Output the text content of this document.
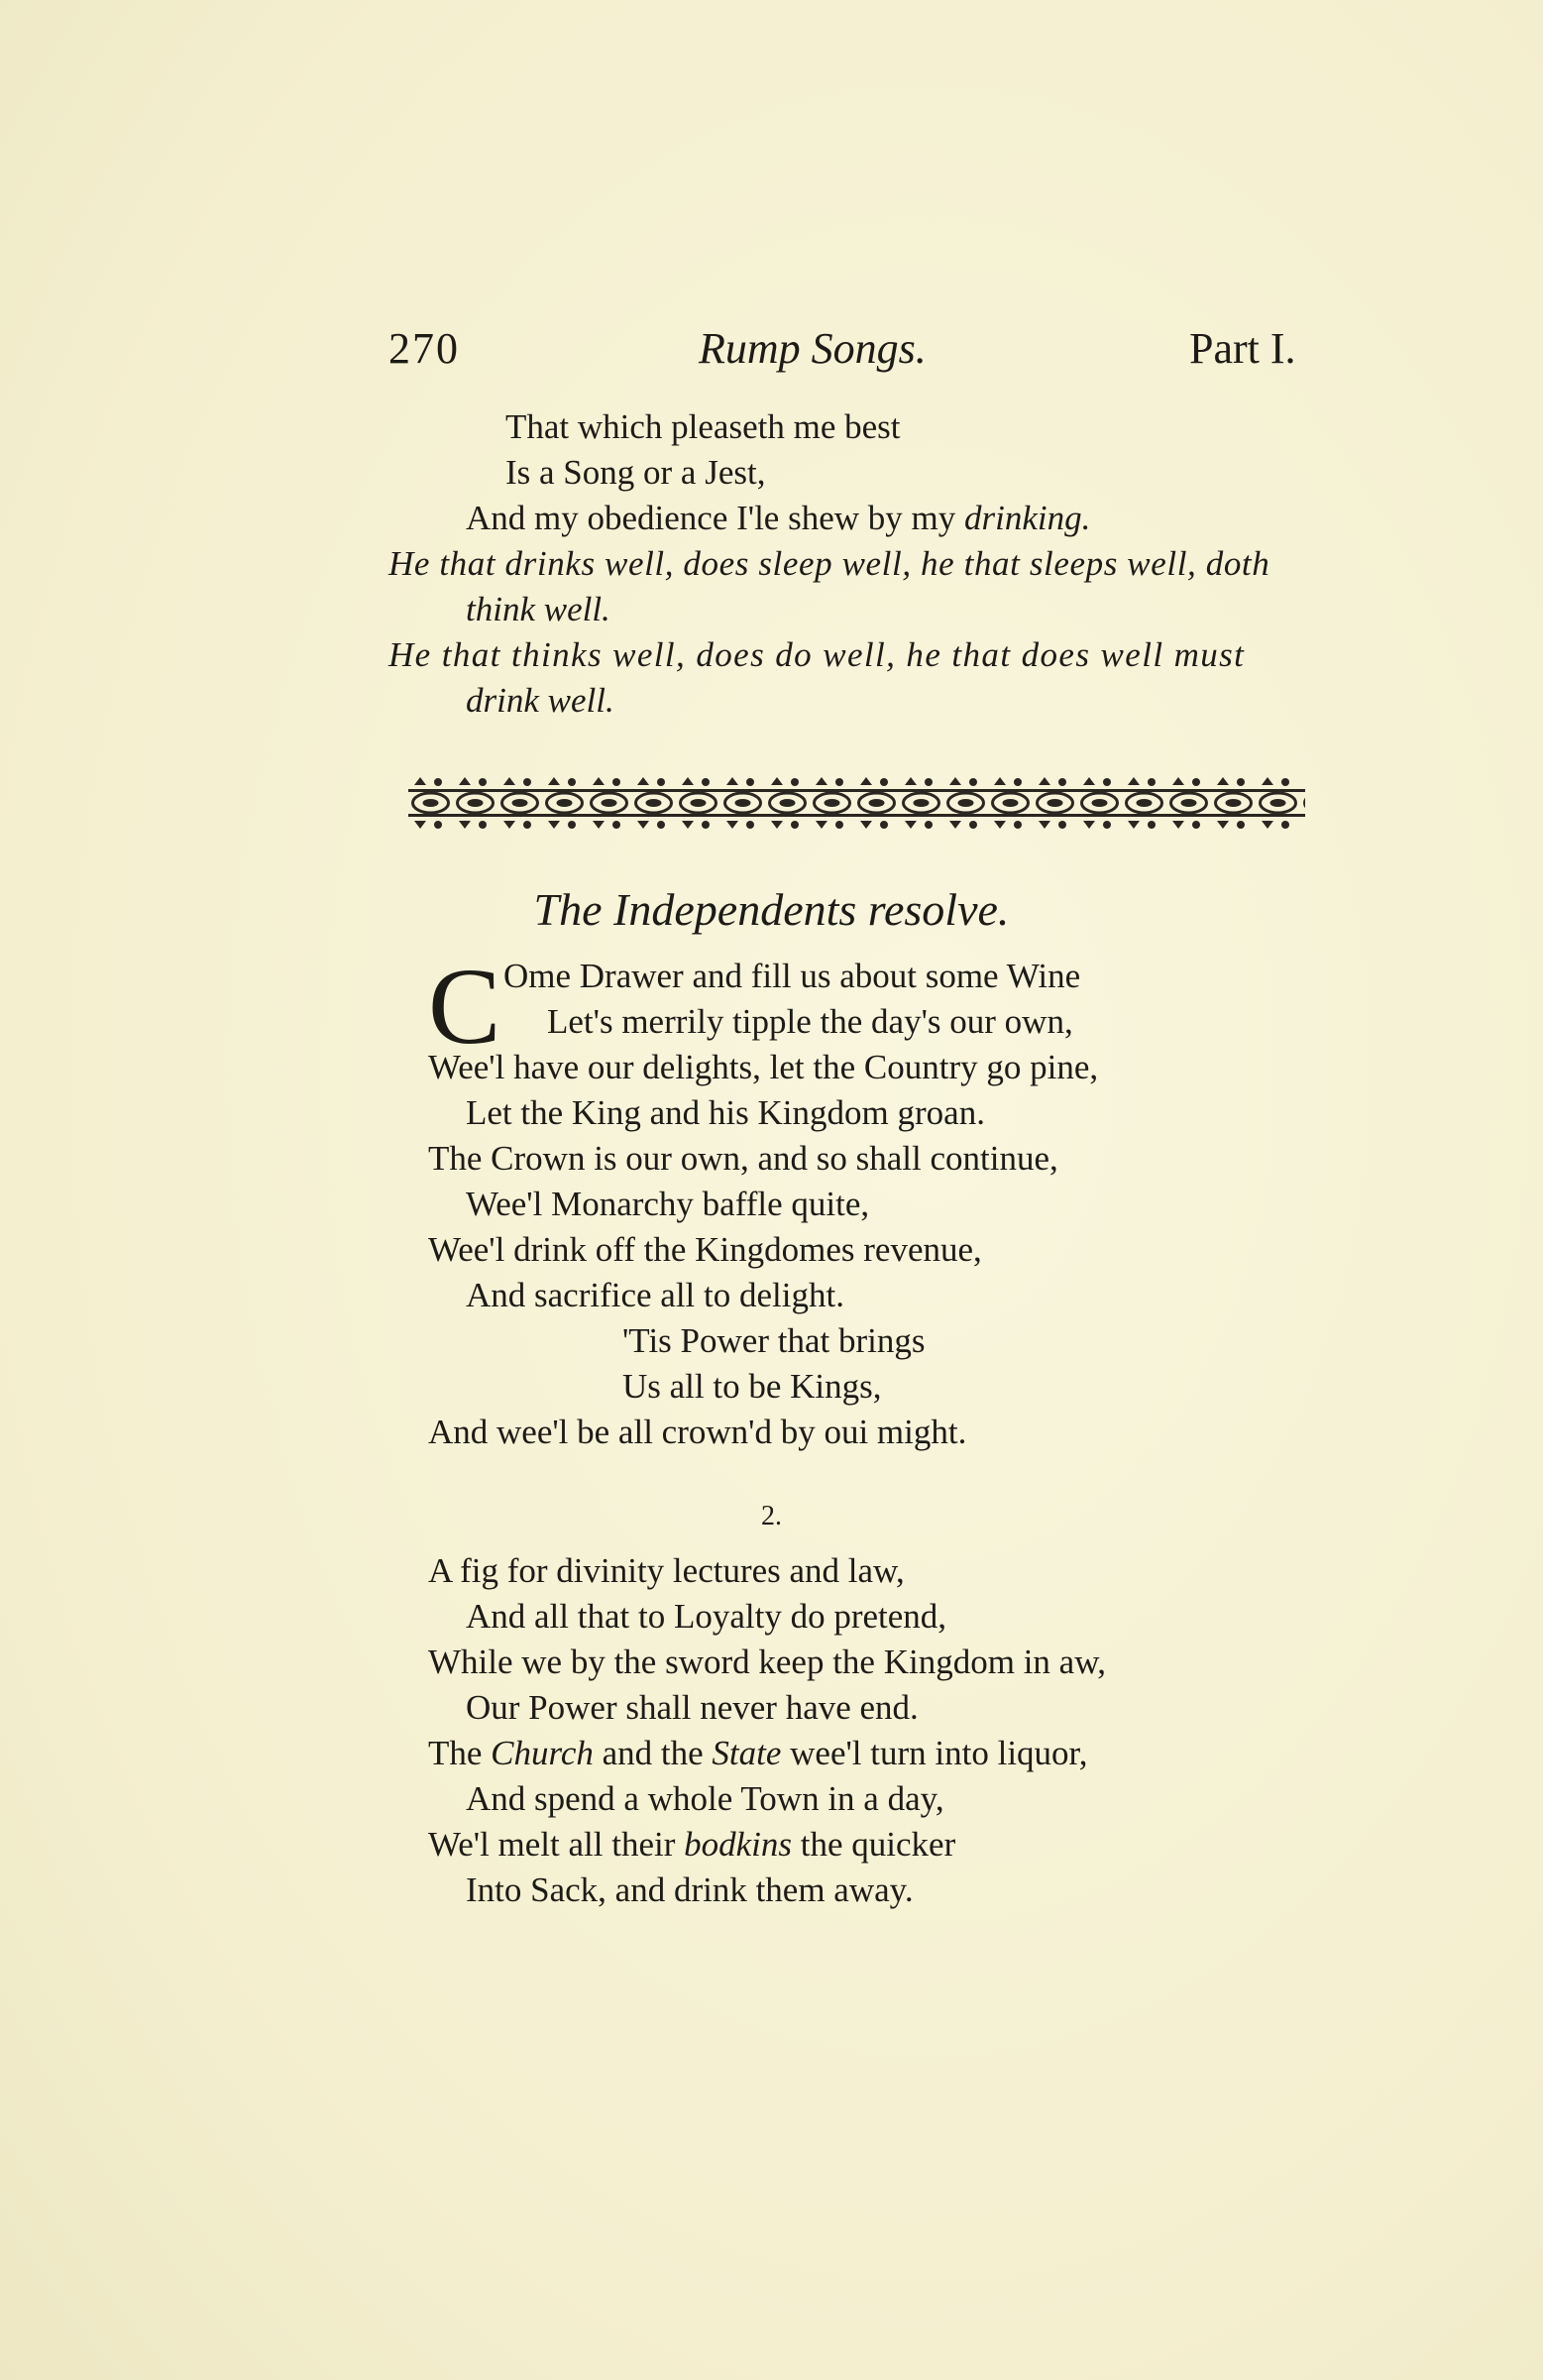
270	Rump Songs.	Part I.
That which pleaseth me best
Is a Song or a Jest,
And my obedience I'le shew by my drinking.
He that drinks well, does sleep well, he that sleeps well, doth
think well.
He that thinks well, does do well, he that does well must
drink well.
The Independents resolve.
C Ome Drawer and fill us about some Wine
Let's merrily tipple the day's our own,
Wee'l have our delights, let the Country go pine,
Let the King and his Kingdom groan.
The Crown is our own, and so shall continue,
Wee'l Monarchy baffle quite,
Wee'l drink off the Kingdomes revenue,
And sacrifice all to delight.
'Tis Power that brings
Us all to be Kings,
And wee'l be all crown'd by oui might.
2.
A fig for divinity lectures and law,
And all that to Loyalty do pretend,
While we by the sword keep the Kingdom in aw,
Our Power shall never have end.
The Church and the State wee'l turn into liquor,
And spend a whole Town in a day,
We'l melt all their bodkins the quicker
Into Sack, and drink them away.
